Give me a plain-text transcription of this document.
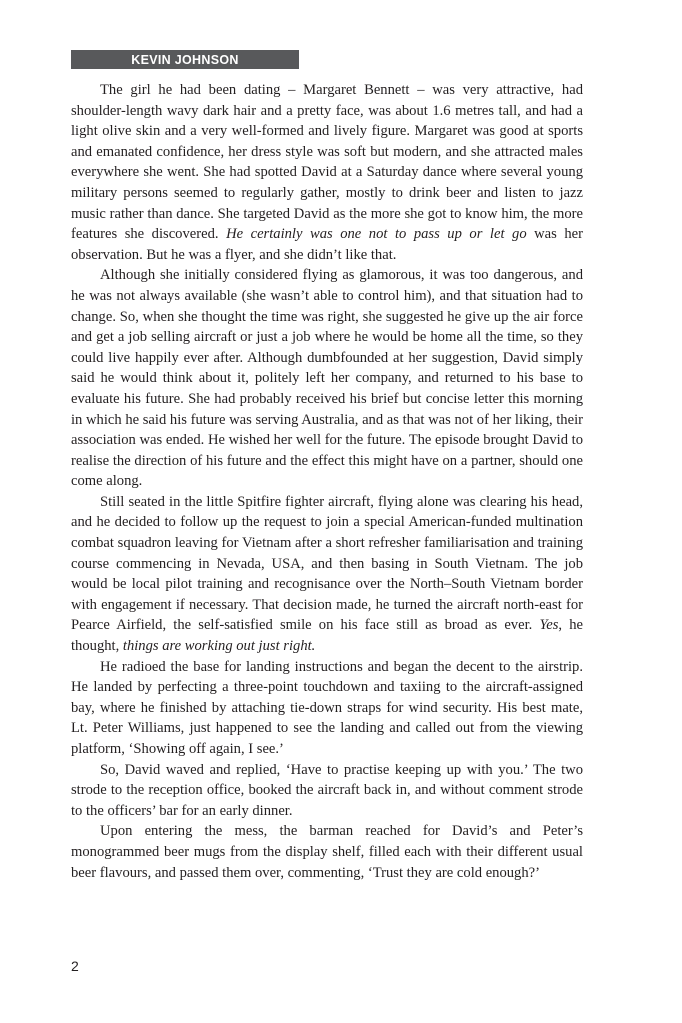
KEVIN JOHNSON

The girl he had been dating – Margaret Bennett – was very attractive, had shoulder-length wavy dark hair and a pretty face, was about 1.6 metres tall, and had a light olive skin and a very well-formed and lively figure. Margaret was good at sports and emanated confidence, her dress style was soft but modern, and she attracted males everywhere she went. She had spotted David at a Saturday dance where several young military persons seemed to regularly gather, mostly to drink beer and listen to jazz music rather than dance. She targeted David as the more she got to know him, the more features she discovered. He certainly was one not to pass up or let go was her observation. But he was a flyer, and she didn’t like that.

Although she initially considered flying as glamorous, it was too dangerous, and he was not always available (she wasn’t able to control him), and that situation had to change. So, when she thought the time was right, she suggested he give up the air force and get a job selling aircraft or just a job where he would be home all the time, so they could live happily ever after. Although dumbfounded at her suggestion, David simply said he would think about it, politely left her company, and returned to his base to evaluate his future. She had probably received his brief but concise letter this morning in which he said his future was serving Australia, and as that was not of her liking, their association was ended. He wished her well for the future. The episode brought David to realise the direction of his future and the effect this might have on a partner, should one come along.

Still seated in the little Spitfire fighter aircraft, flying alone was clearing his head, and he decided to follow up the request to join a special American-funded multination combat squadron leaving for Vietnam after a short refresher familiarisation and training course commencing in Nevada, USA, and then basing in South Vietnam. The job would be local pilot training and recognisance over the North–South Vietnam border with engagement if necessary. That decision made, he turned the aircraft north-east for Pearce Airfield, the self-satisfied smile on his face still as broad as ever. Yes, he thought, things are working out just right.

He radioed the base for landing instructions and began the decent to the airstrip. He landed by perfecting a three-point touchdown and taxiing to the aircraft-assigned bay, where he finished by attaching tie-down straps for wind security. His best mate, Lt. Peter Williams, just happened to see the landing and called out from the viewing platform, ‘Showing off again, I see.’

So, David waved and replied, ‘Have to practise keeping up with you.’ The two strode to the reception office, booked the aircraft back in, and without comment strode to the officers’ bar for an early dinner.

Upon entering the mess, the barman reached for David’s and Peter’s monogrammed beer mugs from the display shelf, filled each with their different usual beer flavours, and passed them over, commenting, ‘Trust they are cold enough?’

2
